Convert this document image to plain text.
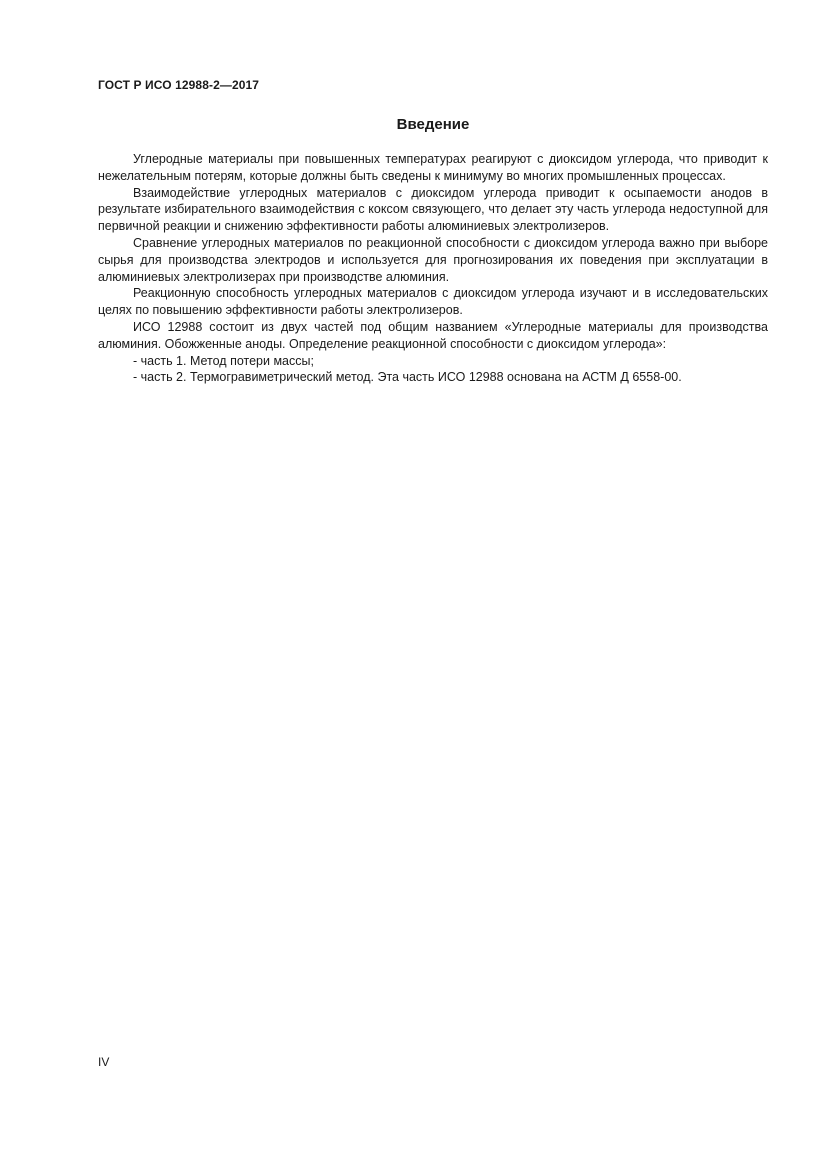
ГОСТ Р ИСО 12988-2—2017
Введение

Углеродные материалы при повышенных температурах реагируют с диоксидом углерода, что приводит к нежелательным потерям, которые должны быть сведены к минимуму во многих промышленных процессах.

Взаимодействие углеродных материалов с диоксидом углерода приводит к осыпаемости анодов в результате избирательного взаимодействия с коксом связующего, что делает эту часть углерода недоступной для первичной реакции и снижению эффективности работы алюминиевых электролизеров.

Сравнение углеродных материалов по реакционной способности с диоксидом углерода важно при выборе сырья для производства электродов и используется для прогнозирования их поведения при эксплуатации в алюминиевых электролизерах при производстве алюминия.

Реакционную способность углеродных материалов с диоксидом углерода изучают и в исследовательских целях по повышению эффективности работы электролизеров.

ИСО 12988 состоит из двух частей под общим названием «Углеродные материалы для производства алюминия. Обожженные аноды. Определение реакционной способности с диоксидом углерода»:

- часть 1. Метод потери массы;
- часть 2. Термогравиметрический метод. Эта часть ИСО 12988 основана на АСТМ Д 6558-00.
IV
